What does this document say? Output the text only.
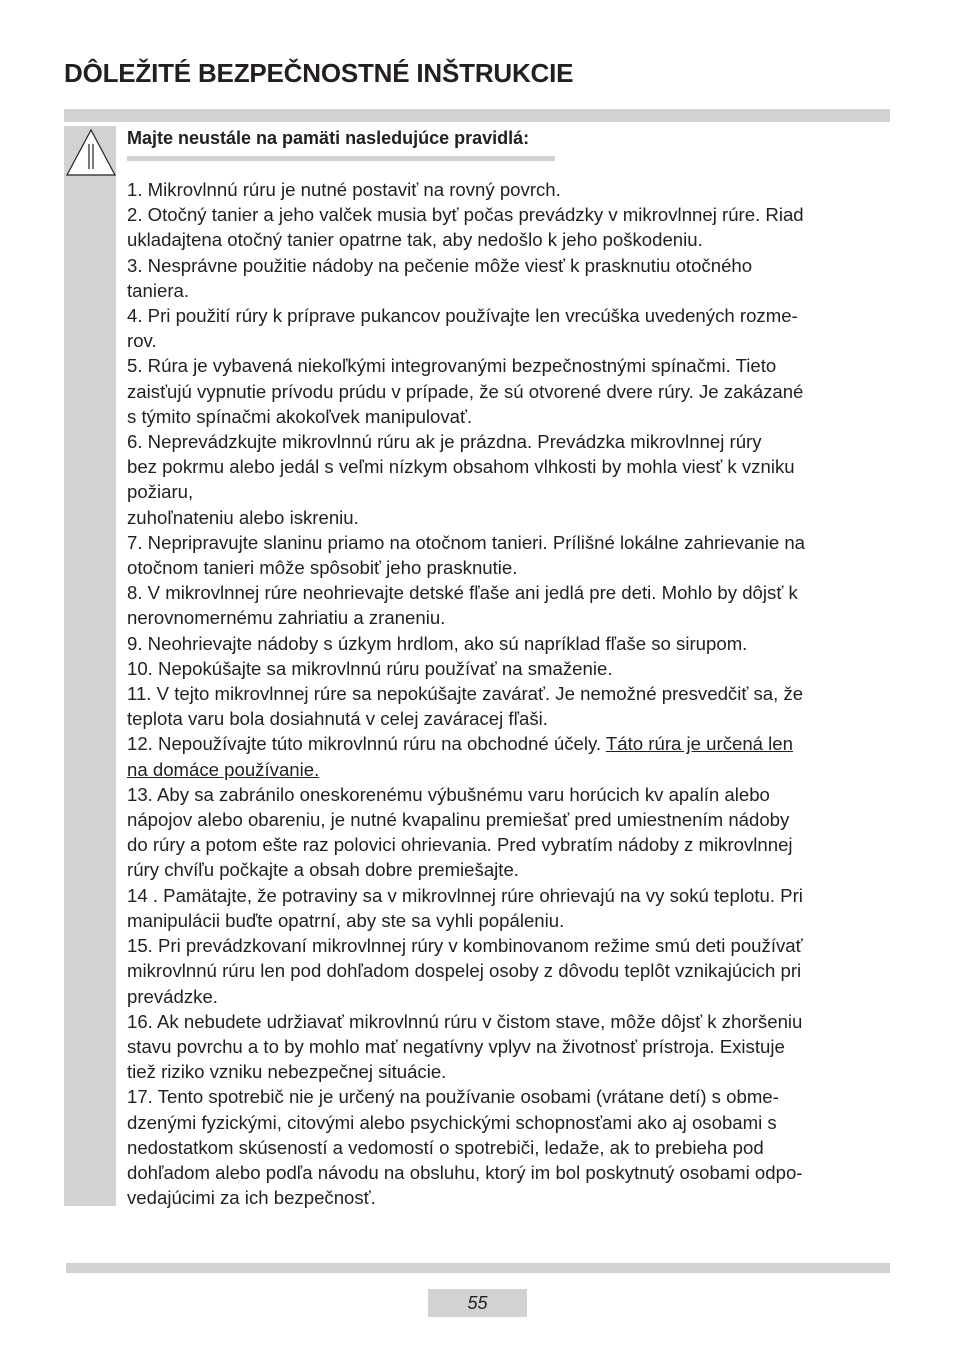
DÔLEŽITÉ BEZPEČNOSTNÉ INŠTRUKCIE
Majte neustále na pamäti nasledujúce pravidlá:
1. Mikrovlnnú rúru je nutné postaviť na rovný povrch.
2. Otočný tanier a jeho valček musia byť počas prevádzky v mikrovlnnej rúre. Riad
ukladajtena otočný tanier opatrne tak, aby nedošlo k jeho poškodeniu.
3. Nesprávne použitie nádoby na pečenie môže viesť k prasknutiu otočného
taniera.
4. Pri použití rúry k príprave pukancov používajte len vrecúška uvedených rozme-
rov.
5. Rúra je vybavená niekoľkými integrovanými bezpečnostnými spínačmi. Tieto
zaisťujú vypnutie prívodu prúdu v prípade, že sú otvorené dvere rúry. Je zakázané
s týmito spínačmi akokoľvek manipulovať.
6. Neprevádzkujte mikrovlnnú rúru ak je prázdna. Prevádzka mikrovlnnej rúry
bez pokrmu alebo jedál s veľmi nízkym obsahom vlhkosti by mohla viesť k vzniku
požiaru,
zuhoľnateniu alebo iskreniu.
7. Nepripravujte slaninu priamo na otočnom tanieri. Prílišné lokálne zahrievanie na
otočnom tanieri môže spôsobiť jeho prasknutie.
8. V mikrovlnnej rúre neohrievajte detské fľaše ani jedlá pre deti. Mohlo by dôjsť k
nerovnomernému zahriatiu a zraneniu.
9. Neohrievajte nádoby s úzkym hrdlom, ako sú napríklad fľaše so sirupom.
10. Nepokúšajte sa mikrovlnnú rúru používať na smaženie.
11. V tejto mikrovlnnej rúre sa nepokúšajte zavárať. Je nemožné presvedčiť sa, že
teplota varu bola dosiahnutá v celej zaváracej fľaši.
12. Nepoužívajte túto mikrovlnnú rúru na obchodné účely. Táto rúra je určená len
na domáce používanie.
13. Aby sa zabránilo oneskorenému výbušnému varu horúcich kv apalín alebo
nápojov alebo obareniu, je nutné kvapalinu premiešať pred umiestnením nádoby
do rúry a potom ešte raz polovici ohrievania. Pred vybratím nádoby z mikrovlnnej
rúry chvíľu počkajte a obsah dobre premiešajte.
14 . Pamätajte, že potraviny sa v mikrovlnnej rúre ohrievajú na vy sokú teplotu. Pri
manipulácii buďte opatrní, aby ste sa vyhli popáleniu.
15. Pri prevádzkovaní mikrovlnnej rúry v kombinovanom režime smú deti používať
mikrovlnnú rúru len pod dohľadom dospelej osoby z dôvodu teplôt vznikajúcich pri
prevádzke.
16. Ak nebudete udržiavať mikrovlnnú rúru v čistom stave, môže dôjsť k zhoršeniu
stavu povrchu a to by mohlo mať negatívny vplyv na životnosť prístroja. Existuje
tiež riziko vzniku nebezpečnej situácie.
17. Tento spotrebič nie je určený na používanie osobami (vrátane detí) s obme-
dzenými fyzickými, citovými alebo psychickými schopnosťami ako aj osobami s
nedostatkom skúseností a vedomostí o spotrebiči, ledaže, ak to prebieha pod
dohľadom alebo podľa návodu na obsluhu, ktorý im bol poskytnutý osobami odpo-
vedajúcimi za ich bezpečnosť.
55
